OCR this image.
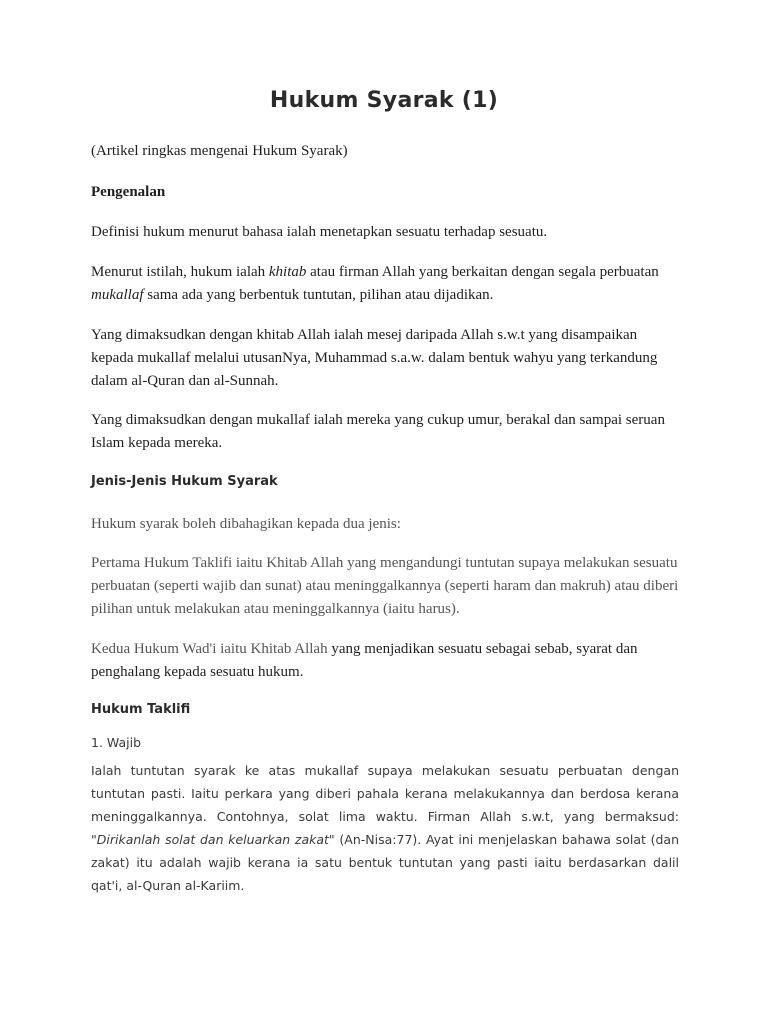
Hukum Syarak (1)

(Artikel ringkas mengenai Hukum Syarak)

Pengenalan

Definisi hukum menurut bahasa ialah menetapkan sesuatu terhadap sesuatu.

Menurut istilah, hukum ialah khitab atau firman Allah yang berkaitan dengan segala perbuatan mukallaf sama ada yang berbentuk tuntutan, pilihan atau dijadikan.

Yang dimaksudkan dengan khitab Allah ialah mesej daripada Allah s.w.t yang disampaikan kepada mukallaf melalui utusanNya, Muhammad s.a.w. dalam bentuk wahyu yang terkandung dalam al-Quran dan al-Sunnah.

Yang dimaksudkan dengan mukallaf ialah mereka yang cukup umur, berakal dan sampai seruan Islam kepada mereka.

Jenis-Jenis Hukum Syarak

Hukum syarak boleh dibahagikan kepada dua jenis:

Pertama Hukum Taklifi iaitu Khitab Allah yang mengandungi tuntutan supaya melakukan sesuatu perbuatan (seperti wajib dan sunat) atau meninggalkannya (seperti haram dan makruh) atau diberi pilihan untuk melakukan atau meninggalkannya (iaitu harus).

Kedua Hukum Wad'i iaitu Khitab Allah yang menjadikan sesuatu sebagai sebab, syarat dan penghalang kepada sesuatu hukum.

Hukum Taklifi

1. Wajib

Ialah tuntutan syarak ke atas mukallaf supaya melakukan sesuatu perbuatan dengan tuntutan pasti. Iaitu perkara yang diberi pahala kerana melakukannya dan berdosa kerana meninggalkannya. Contohnya, solat lima waktu. Firman Allah s.w.t, yang bermaksud: "Dirikanlah solat dan keluarkan zakat" (An-Nisa:77). Ayat ini menjelaskan bahawa solat (dan zakat) itu adalah wajib kerana ia satu bentuk tuntutan yang pasti iaitu berdasarkan dalil qat'i, al-Quran al-Kariim.
